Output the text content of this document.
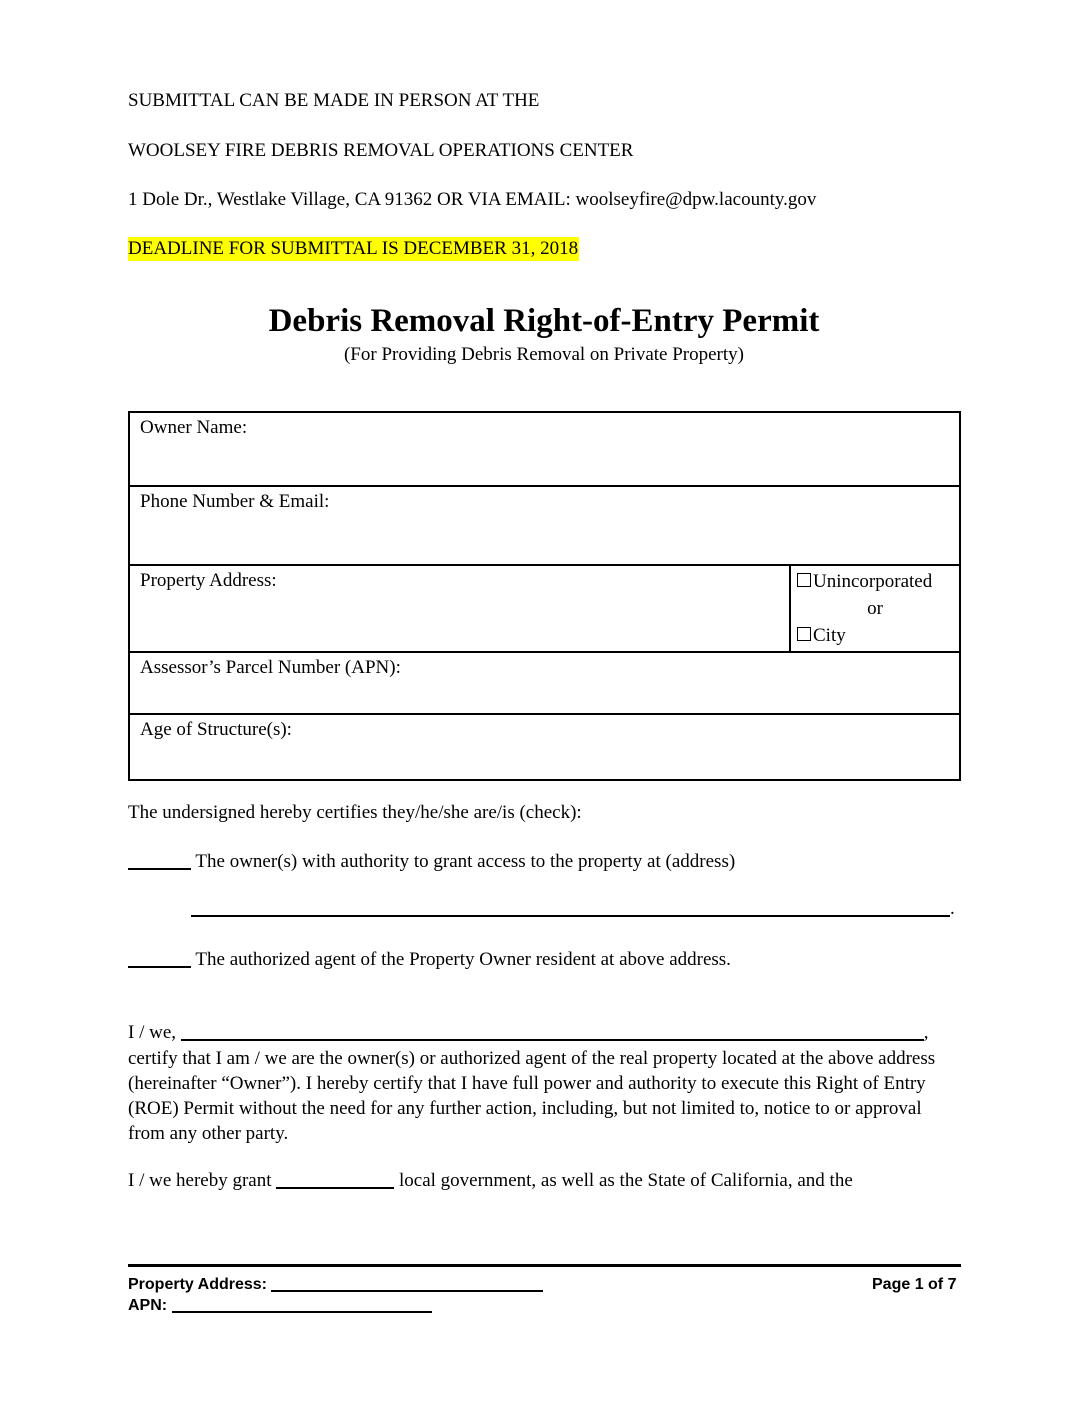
SUBMITTAL CAN BE MADE IN PERSON AT THE
WOOLSEY FIRE DEBRIS REMOVAL OPERATIONS CENTER
1 Dole Dr., Westlake Village, CA 91362 OR VIA EMAIL: woolseyfire@dpw.lacounty.gov
DEADLINE FOR SUBMITTAL IS DECEMBER 31, 2018
Debris Removal Right-of-Entry Permit
(For Providing Debris Removal on Private Property)
Owner Name:

Phone Number & Email:

Property Address:	Unincorporated
or
City

Assessor’s Parcel Number (APN):

Age of Structure(s):
The undersigned hereby certifies they/he/she are/is (check):
The owner(s) with authority to grant access to the property at (address)
.
The authorized agent of the Property Owner resident at above address.
I / we,	,
certify that I am / we are the owner(s) or authorized agent of the real property located at the above address (hereinafter “Owner”). I hereby certify that I have full power and authority to execute this Right of Entry (ROE) Permit without the need for any further action, including, but not limited to, notice to or approval from any other party.
I / we hereby grant	local government, as well as the State of California, and the
Property Address:
APN:
Page 1 of 7
